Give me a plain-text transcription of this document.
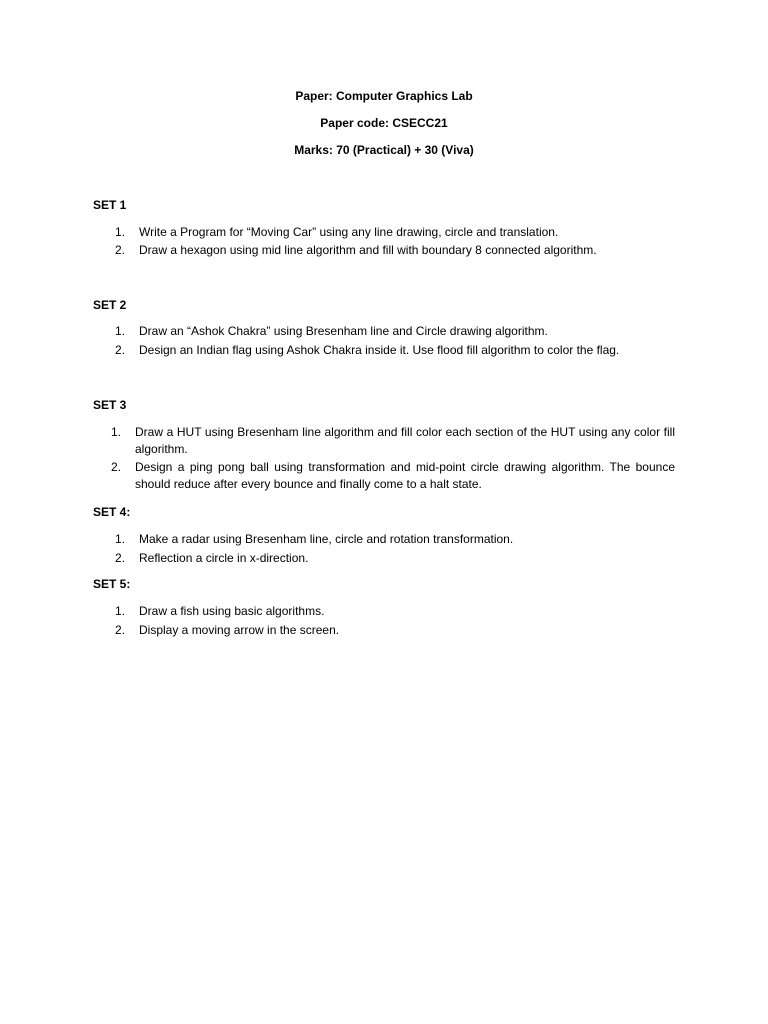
Paper: Computer Graphics Lab
Paper code: CSECC21
Marks: 70 (Practical) + 30 (Viva)
SET 1
1. Write a Program for “Moving Car” using any line drawing, circle and translation.
2. Draw a hexagon using mid line algorithm and fill with boundary 8 connected algorithm.
SET 2
1. Draw an “Ashok Chakra” using Bresenham line and Circle drawing algorithm.
2. Design an Indian flag using Ashok Chakra inside it. Use flood fill algorithm to color the flag.
SET 3
1. Draw a HUT using Bresenham line algorithm and fill color each section of the HUT using any color fill algorithm.
2. Design a ping pong ball using transformation and mid-point circle drawing algorithm. The bounce should reduce after every bounce and finally come to a halt state.
SET 4:
1. Make a radar using Bresenham line, circle and rotation transformation.
2. Reflection a circle in x-direction.
SET 5:
1. Draw a fish using basic algorithms.
2. Display a moving arrow in the screen.
